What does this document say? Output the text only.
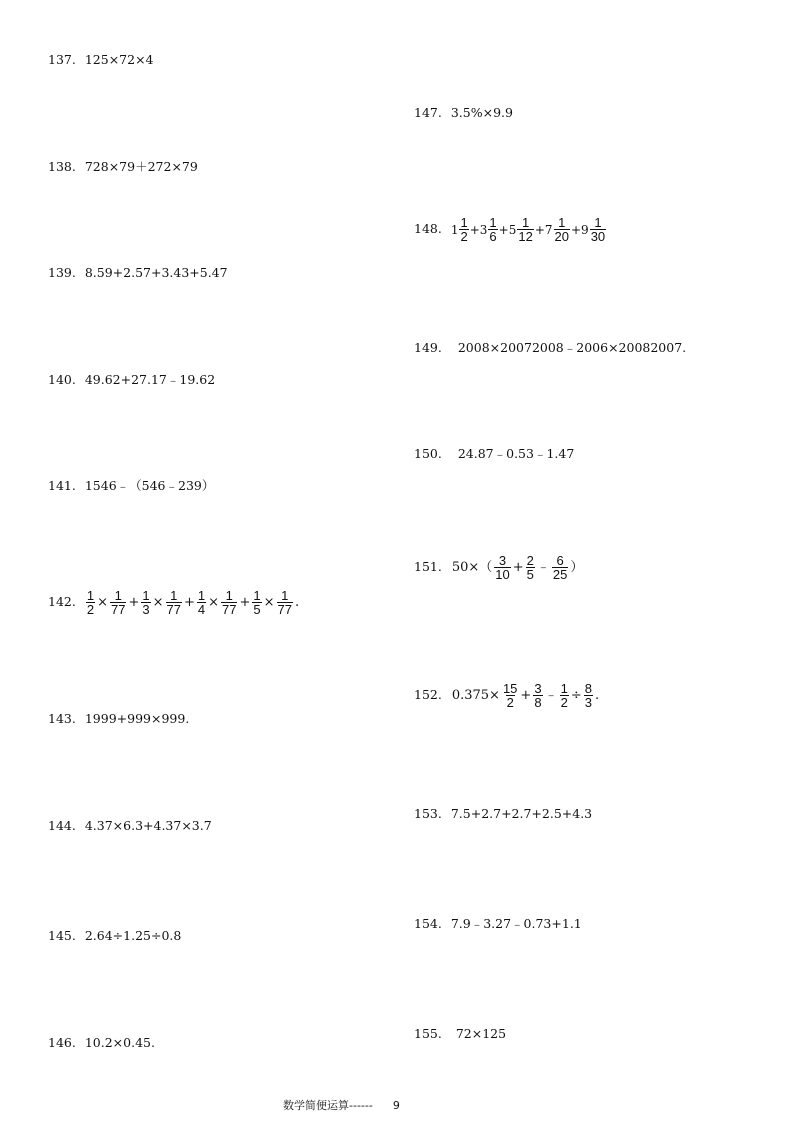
137. 125×72×4
138. 728×79＋272×79
139. 8.59+2.57+3.43+5.47
140. 49.62+27.17﹣19.62
141. 1546﹣（546﹣239）
142. $\frac{1}{2} \times \frac{1}{77} + \frac{1}{3} \times \frac{1}{77} + \frac{1}{4} \times \frac{1}{77} + \frac{1}{5} \times \frac{1}{77}$ .
143. 1999+999×999.
144. 4.37×6.3+4.37×3.7
145. 2.64÷1.25÷0.8
146. 10.2×0.45.
147. 3.5%×9.9
148. $1 \frac{1}{2} +3 \frac{1}{6} +5 \frac{1}{12} +7 \frac{1}{20} +9 \frac{1}{30}$
149. 2008×20072008﹣2006×20082007.
150. 24.87﹣0.53﹣1.47
151. $50\times( \frac{3}{10} + \frac{2}{5}$ ﹣ $\frac{6}{25}$ ）
152. $0.375\times \frac{15}{2} + \frac{3}{8}$ ﹣ $\frac{1}{2} \div \frac{8}{3}$ .
153. 7.5+2.7+2.7+2.5+4.3
154. 7.9﹣3.27﹣0.73+1.1
155. 72×125
数学简便运算------ 9
